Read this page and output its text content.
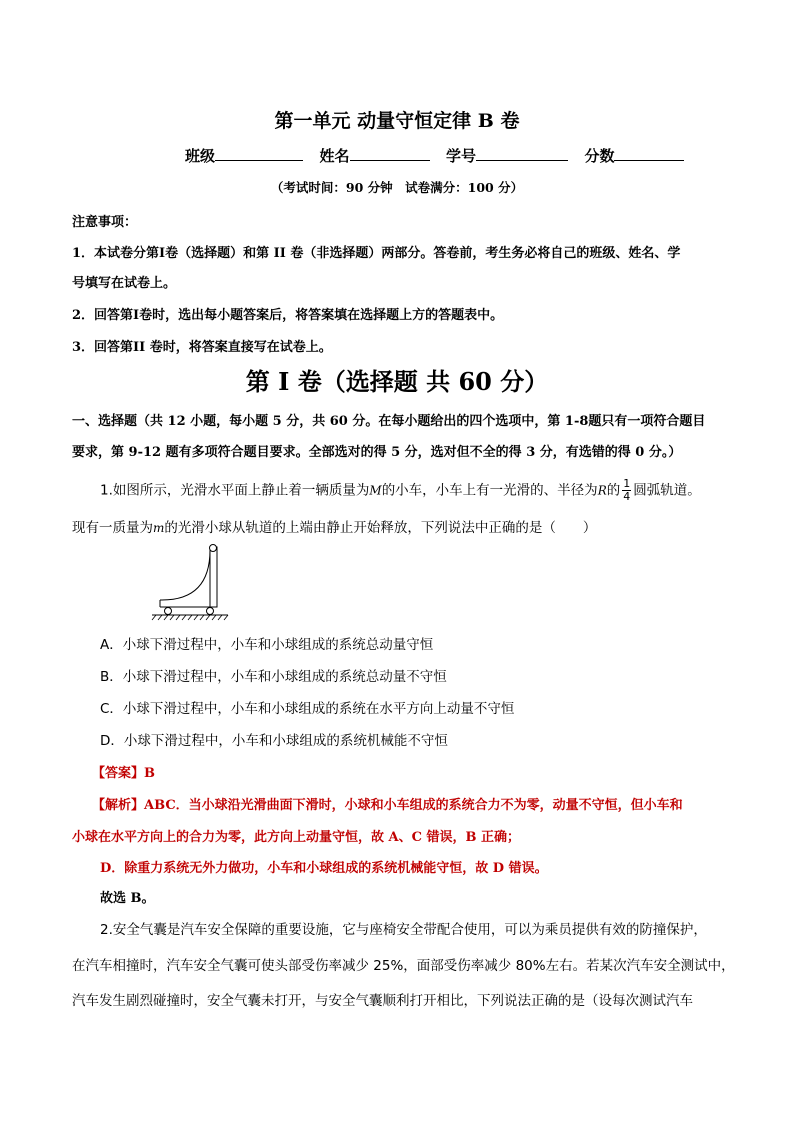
第一单元 动量守恒定律 B 卷
班级	姓名	学号	分数
（考试时间：90 分钟　试卷满分：100 分）
注意事项：
1．本试卷分第Ⅰ卷（选择题）和第 II 卷（非选择题）两部分。答卷前，考生务必将自己的班级、姓名、学
号填写在试卷上。
2．回答第Ⅰ卷时，选出每小题答案后，将答案填在选择题上方的答题表中。
3．回答第II 卷时，将答案直接写在试卷上。
第 I 卷（选择题 共 60 分）
一、选择题（共 12 小题，每小题 5 分，共 60 分。在每小题给出的四个选项中，第 1-8题只有一项符合题目
要求，第 9-12 题有多项符合题目要求。全部选对的得 5 分，选对但不全的得 3 分，有选错的得 0 分。）
1.如图所示，光滑水平面上静止着一辆质量为M的小车，小车上有一光滑的、半径为R的 $\frac{1}{4}$ 圆弧轨道。
现有一质量为m的光滑小球从轨道的上端由静止开始释放，下列说法中正确的是（　　）
A．小球下滑过程中，小车和小球组成的系统总动量守恒
B．小球下滑过程中，小车和小球组成的系统总动量不守恒
C．小球下滑过程中，小车和小球组成的系统在水平方向上动量不守恒
D．小球下滑过程中，小车和小球组成的系统机械能不守恒
【答案】B
【解析】ABC．当小球沿光滑曲面下滑时，小球和小车组成的系统合力不为零，动量不守恒，但小车和
小球在水平方向上的合力为零，此方向上动量守恒，故 A、C 错误，B 正确；
D．除重力系统无外力做功，小车和小球组成的系统机械能守恒，故 D 错误。
故选 B。
2.安全气囊是汽车安全保障的重要设施，它与座椅安全带配合使用，可以为乘员提供有效的防撞保护，
在汽车相撞时，汽车安全气囊可使头部受伤率减少 25%，面部受伤率减少 80%左右。若某次汽车安全测试中，
汽车发生剧烈碰撞时，安全气囊未打开，与安全气囊顺利打开相比，下列说法正确的是（设每次测试汽车
